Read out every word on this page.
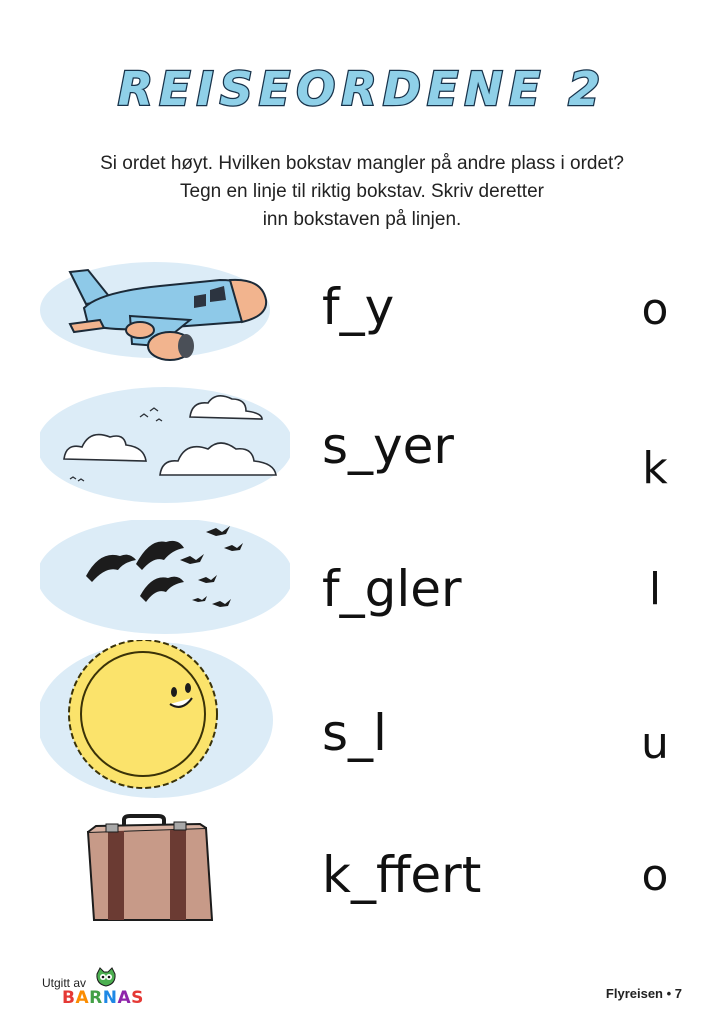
REISEORDENE 2
Si ordet høyt. Hvilken bokstav mangler på andre plass i ordet?
Tegn en linje til riktig bokstav. Skriv deretter
inn bokstaven på linjen.
f_y	o
s_yer	k
f_gler	l
s_l	u
k_ffert	o
Utgitt av
BARNAS	Flyreisen • 7
